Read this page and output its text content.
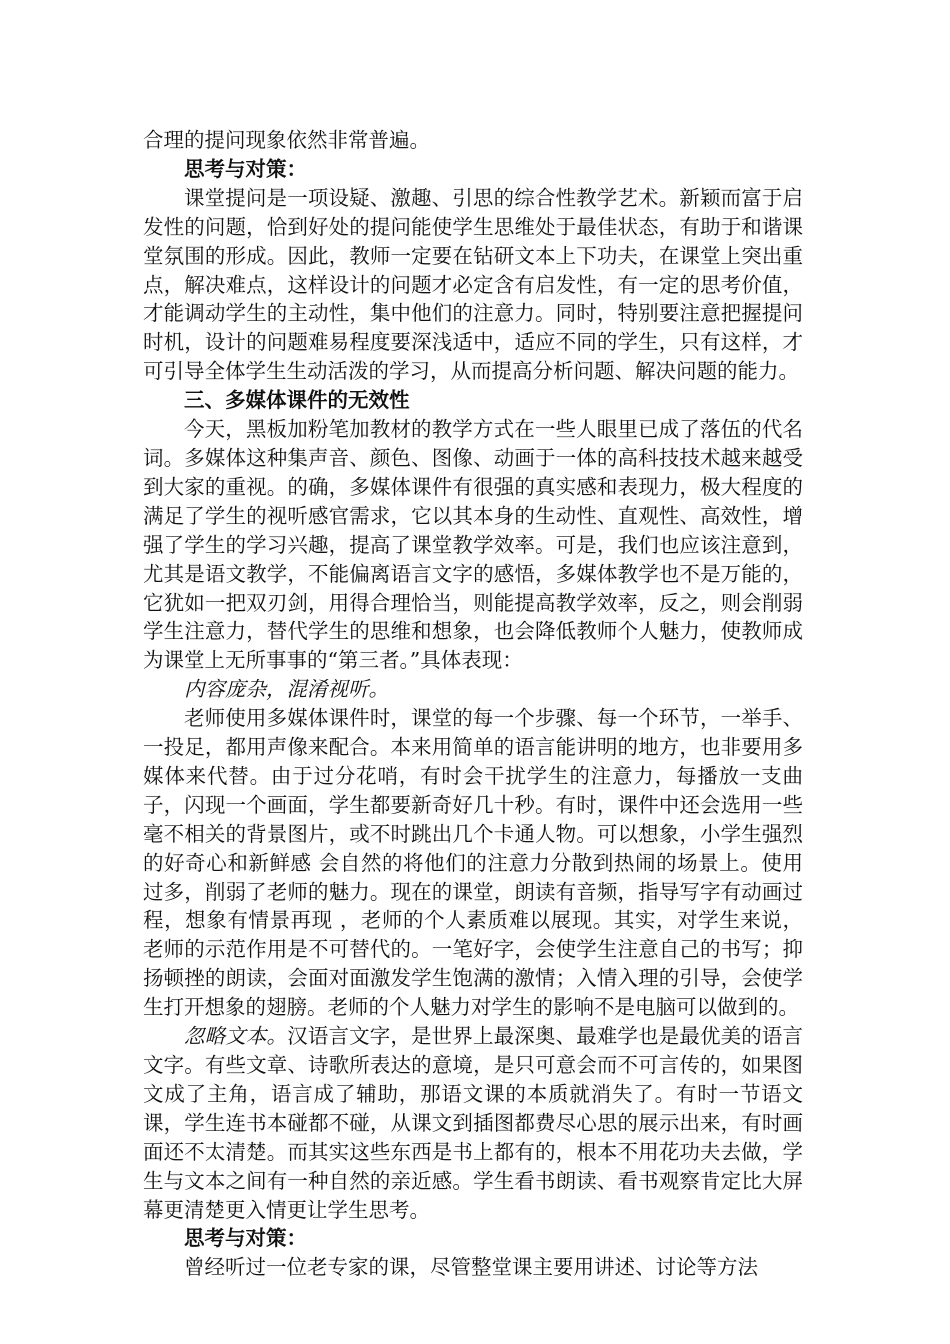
合理的提问现象依然非常普遍。

思考与对策：

课堂提问是一项设疑、激趣、引思的综合性教学艺术。新颖而富于启发性的问题，恰到好处的提问能使学生思维处于最佳状态，有助于和谐课堂氛围的形成。因此，教师一定要在钻研文本上下功夫，在课堂上突出重点，解决难点，这样设计的问题才必定含有启发性，有一定的思考价值，才能调动学生的主动性，集中他们的注意力。同时，特别要注意把握提问时机，设计的问题难易程度要深浅适中，适应不同的学生，只有这样，才可引导全体学生生动活泼的学习，从而提高分析问题、解决问题的能力。

三、多媒体课件的无效性

今天，黑板加粉笔加教材的教学方式在一些人眼里已成了落伍的代名词。多媒体这种集声音、颜色、图像、动画于一体的高科技技术越来越受到大家的重视。的确，多媒体课件有很强的真实感和表现力，极大程度的满足了学生的视听感官需求，它以其本身的生动性、直观性、高效性，增强了学生的学习兴趣，提高了课堂教学效率。可是，我们也应该注意到，尤其是语文教学，不能偏离语言文字的感悟，多媒体教学也不是万能的，它犹如一把双刃剑，用得合理恰当，则能提高教学效率，反之，则会削弱学生注意力，替代学生的思维和想象，也会降低教师个人魅力，使教师成为课堂上无所事事的“第三者。”具体表现：

内容庞杂，混淆视听。

老师使用多媒体课件时，课堂的每一个步骤、每一个环节，一举手、一投足，都用声像来配合。本来用简单的语言能讲明的地方，也非要用多媒体来代替。由于过分花哨，有时会干扰学生的注意力，每播放一支曲子，闪现一个画面，学生都要新奇好几十秒。有时，课件中还会选用一些毫不相关的背景图片，或不时跳出几个卡通人物。可以想象，小学生强烈的好奇心和新鲜感 会自然的将他们的注意力分散到热闹的场景上。使用过多，削弱了老师的魅力。现在的课堂，朗读有音频，指导写字有动画过程，想象有情景再现 ，老师的个人素质难以展现。其实，对学生来说，老师的示范作用是不可替代的。一笔好字，会使学生注意自己的书写；抑扬顿挫的朗读，会面对面激发学生饱满的激情；入情入理的引导，会使学生打开想象的翅膀。老师的个人魅力对学生的影响不是电脑可以做到的。

忽略文本。汉语言文字，是世界上最深奥、最难学也是最优美的语言文字。有些文章、诗歌所表达的意境，是只可意会而不可言传的，如果图文成了主角，语言成了辅助，那语文课的本质就消失了。有时一节语文课，学生连书本碰都不碰，从课文到插图都费尽心思的展示出来，有时画面还不太清楚。而其实这些东西是书上都有的，根本不用花功夫去做，学生与文本之间有一种自然的亲近感。学生看书朗读、看书观察肯定比大屏幕更清楚更入情更让学生思考。

思考与对策：

曾经听过一位老专家的课，尽管整堂课主要用讲述、讨论等方法
